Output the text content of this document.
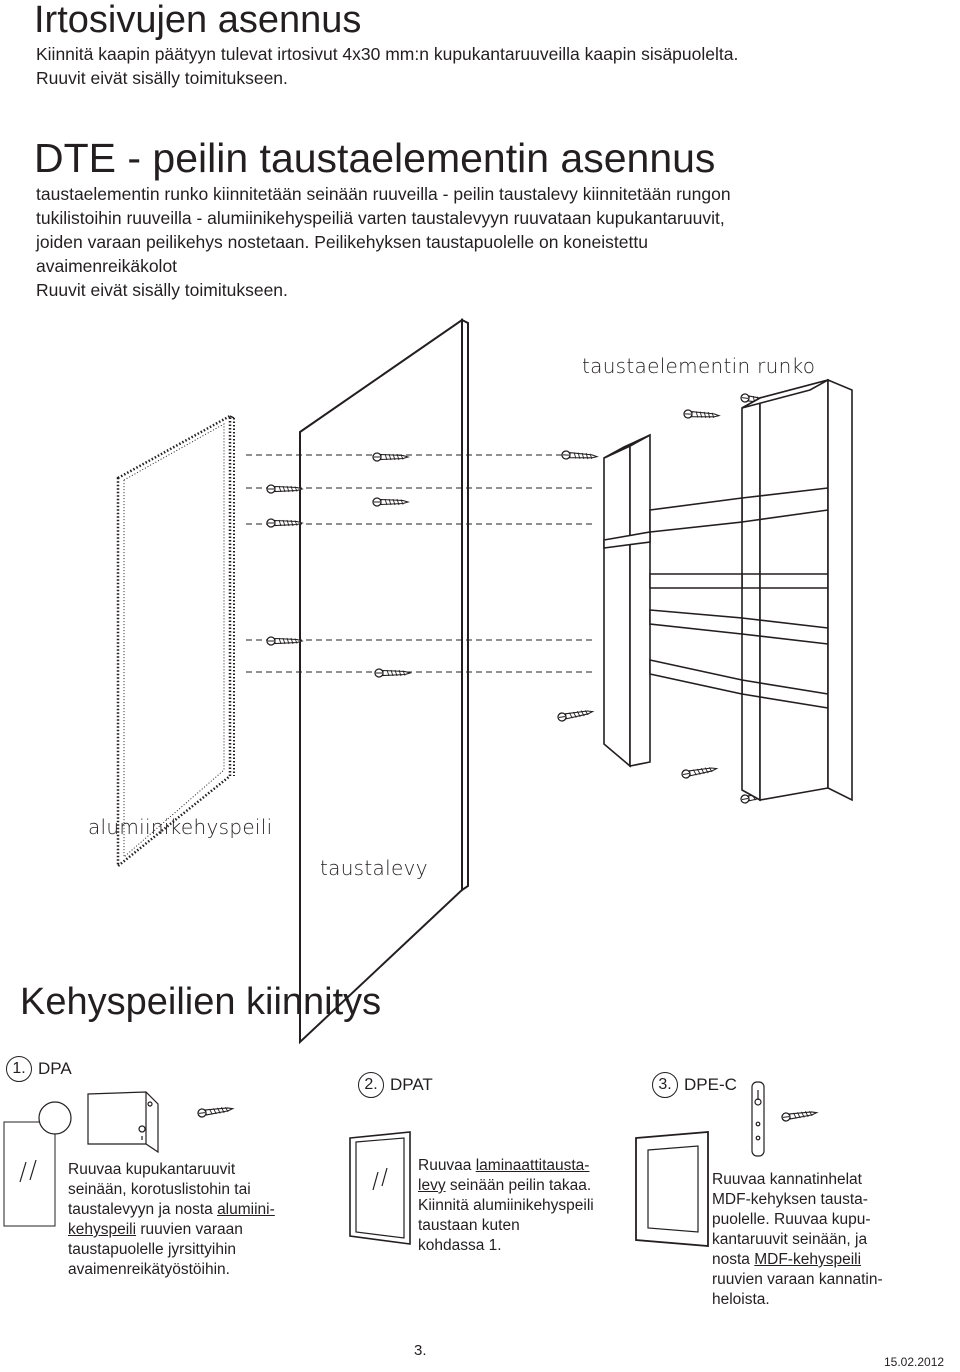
Irtosivujen asennus
Kiinnitä kaapin päätyyn tulevat irtosivut 4x30 mm:n kupukantaruuveilla kaapin sisäpuolelta.
Ruuvit eivät sisälly toimitukseen.
DTE - peilin taustaelementin asennus
taustaelementin runko kiinnitetään seinään ruuveilla - peilin taustalevy kiinnitetään rungon
tukilistoihin ruuveilla - alumiinikehyspeiliä varten taustalevyyn ruuvataan kupukantaruuvit,
joiden varaan peilikehys nostetaan. Peilikehyksen taustapuolelle on koneistettu
avaimenreikäkolot
Ruuvit eivät sisälly toimitukseen.
taustaelementin runko
alumiinikehyspeili
taustalevy
Kehyspeilien kiinnitys
1. DPA
Ruuvaa kupukantaruuvit
seinään, korotuslistohin tai
taustalevyyn ja nosta alumiini-
kehyspeili ruuvien varaan
taustapuolelle jyrsittyihin
avaimenreikätyöstöihin.
2. DPAT
Ruuvaa laminaattitausta-
levy seinään peilin takaa.
Kiinnitä alumiinikehyspeili
taustaan kuten
kohdassa 1.
3. DPE-C
Ruuvaa kannatinhelat
MDF-kehyksen tausta-
puolelle. Ruuvaa kupu-
kantaruuvit seinään, ja
nosta MDF-kehyspeili
ruuvien varaan kannatin-
heloista.
3.
15.02.2012
